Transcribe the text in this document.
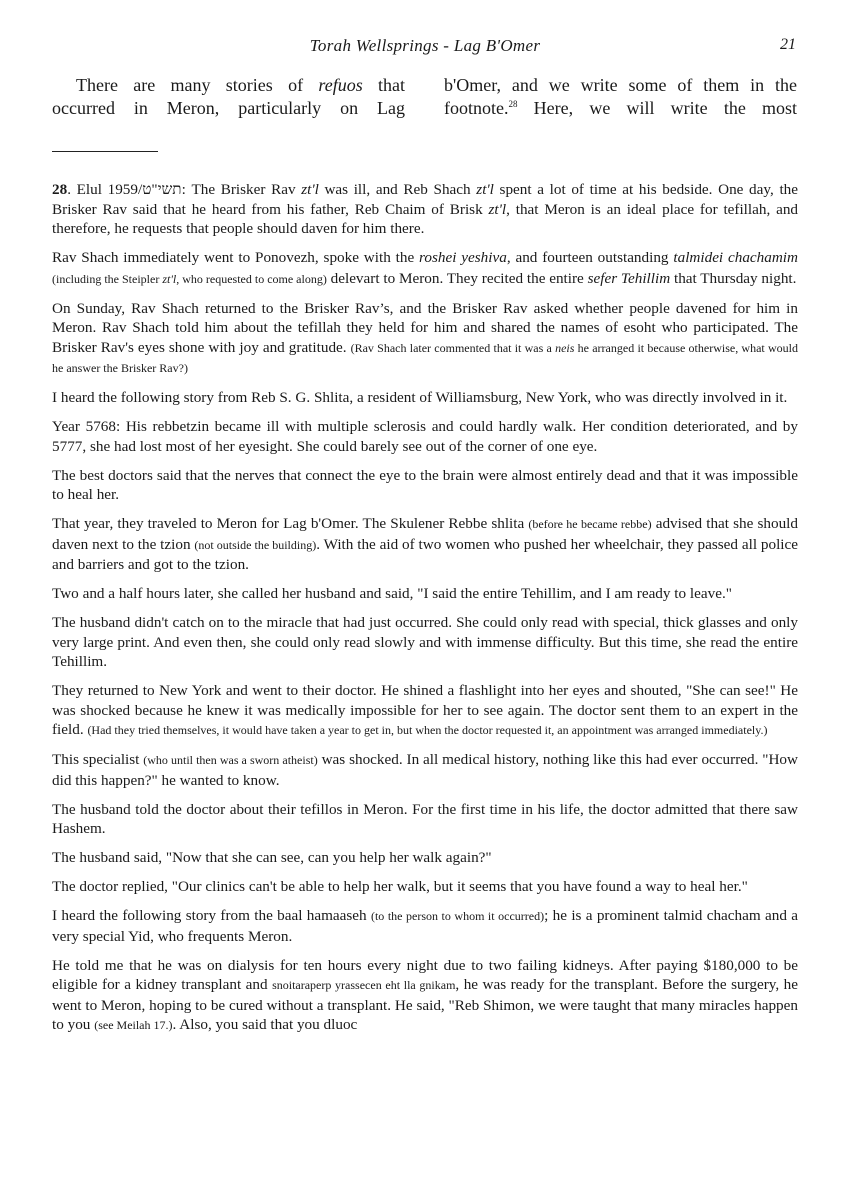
Torah Wellsprings - Lag B'Omer	21
There are many stories of refuos that occurred in Meron, particularly on Lag
b'Omer, and we write some of them in the footnote.$^{28}$ Here, we will write the most

28. Elul 1959/תשי"ט: The Brisker Rav zt'l was ill, and Reb Shach zt'l spent a lot of time at his bedside. One day, the Brisker Rav said that he heard from his father, Reb Chaim of Brisk zt'l, that Meron is an ideal place for tefillah, and therefore, he requests that people should daven for him there.

Rav Shach immediately went to Ponovezh, spoke with the roshei yeshiva, and fourteen outstanding talmidei chachamim (including the Steipler zt'l, who requested to come along) delevart to Meron. They recited the entire sefer Tehillim that Thursday night.

On Sunday, Rav Shach returned to the Brisker Rav’s, and the Brisker Rav asked whether people davened for him in Meron. Rav Shach told him about the tefillah they held for him and shared the names of esoht who participated. The Brisker Rav's eyes shone with joy and gratitude. (Rav Shach later commented that it was a neis he arranged it because otherwise, what would he answer the Brisker Rav?)

I heard the following story from Reb S. G. Shlita, a resident of Williamsburg, New York, who was directly involved in it.

Year 5768: His rebbetzin became ill with multiple sclerosis and could hardly walk. Her condition deteriorated, and by 5777, she had lost most of her eyesight. She could barely see out of the corner of one eye.

The best doctors said that the nerves that connect the eye to the brain were almost entirely dead and that it was impossible to heal her.

That year, they traveled to Meron for Lag b'Omer. The Skulener Rebbe shlita (before he became rebbe) advised that she should daven next to the tzion (not outside the building). With the aid of two women who pushed her wheelchair, they passed all police and barriers and got to the tzion.

Two and a half hours later, she called her husband and said, "I said the entire Tehillim, and I am ready to leave."

The husband didn't catch on to the miracle that had just occurred. She could only read with special, thick glasses and only very large print. And even then, she could only read slowly and with immense difficulty. But this time, she read the entire Tehillim.

They returned to New York and went to their doctor. He shined a flashlight into her eyes and shouted, "She can see!" He was shocked because he knew it was medically impossible for her to see again. The doctor sent them to an expert in the field. (Had they tried themselves, it would have taken a year to get in, but when the doctor requested it, an appointment was arranged immediately.)

This specialist (who until then was a sworn atheist) was shocked. In all medical history, nothing like this had ever occurred. "How did this happen?" he wanted to know.

The husband told the doctor about their tefillos in Meron. For the first time in his life, the doctor admitted that there saw Hashem.

The husband said, "Now that she can see, can you help her walk again?"

The doctor replied, "Our clinics can't be able to help her walk, but it seems that you have found a way to heal her."

I heard the following story from the baal hamaaseh (to the person to whom it occurred); he is a prominent talmid chacham and a very special Yid, who frequents Meron.

He told me that he was on dialysis for ten hours every night due to two failing kidneys. After paying $180,000 to be eligible for a kidney transplant and snoitaraperp yrassecen eht lla gnikam, he was ready for the transplant. Before the surgery, he went to Meron, hoping to be cured without a transplant. He said, "Reb Shimon, we were taught that many miracles happen to you (see Meilah 17.). Also, you said that you dluoc
